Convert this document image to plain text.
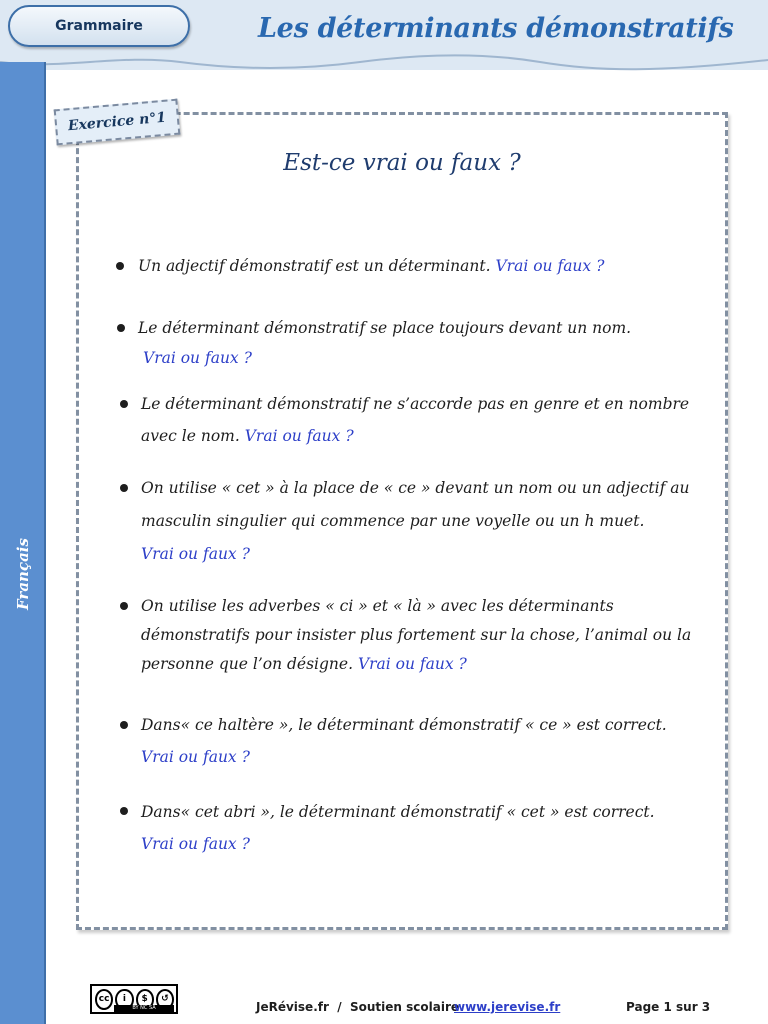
Grammaire	Les déterminants démonstratifs
Français
Exercice n°1
Est-ce vrai ou faux ?
Un adjectif démonstratif est un déterminant. Vrai ou faux ?
Le déterminant démonstratif se place toujours devant un nom.
Vrai ou faux ?
Le déterminant démonstratif ne s’accorde pas en genre et en nombre
avec le nom. Vrai ou faux ?
On utilise « cet » à la place de « ce » devant un nom ou un adjectif au
masculin singulier qui commence par une voyelle ou un h muet.
Vrai ou faux ?
On utilise les adverbes « ci » et « là » avec les déterminants
démonstratifs pour insister plus fortement sur la chose, l’animal ou la
personne que l’on désigne. Vrai ou faux ?
Dans« ce haltère », le déterminant démonstratif « ce » est correct.
Vrai ou faux ?
Dans« cet abri », le déterminant démonstratif « cet » est correct.
Vrai ou faux ?
cc	i	$	↺
BY NC SA	JeRévise.fr  /  Soutien scolaire
www.jerevise.fr	Page 1 sur 3
